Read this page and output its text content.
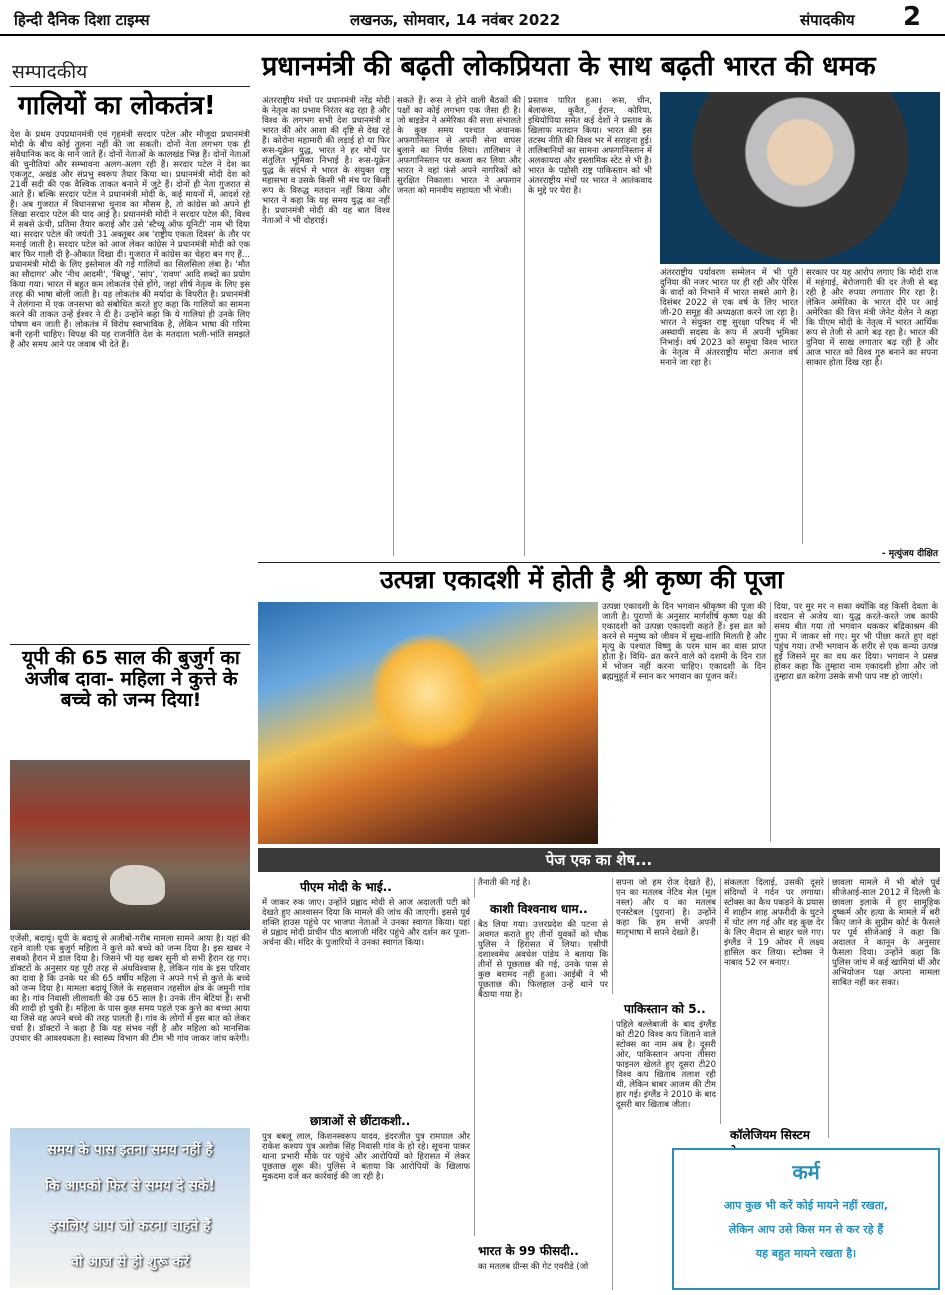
हिन्दी दैनिक दिशा टाइम्स	लखनऊ, सोमवार, 14 नवंबर 2022	संपादकीय 2
सम्पादकीय
गालियों का लोकतंत्र!
देश के प्रथम उपप्रधानमंत्री एवं गृहमंत्री सरदार पटेल और मौजूदा प्रधानमंत्री मोदी के बीच कोई तुलना नहीं की जा सकती। दोनों नेता लगभग एक ही संवैधानिक कद के माने जाते हैं। दोनों नेताओं के कालखंड भिन्न हैं। दोनों नेताओं की चुनौतियां और सम्भावना अलग-अलग रही हैं। सरदार पटेल ने देश का एकजुट, अखंड और संप्रभु स्वरूप तैयार किया था। प्रधानमंत्री मोदी देश को 21वीं सदी की एक वैश्विक ताकत बनाने में जुटे हैं। दोनों ही नेता गुजरात से आते हैं। बल्कि सरदार पटेल ने प्रधानमंत्री मोदी के, कई मायनों में, आदर्श रहे हैं। अब गुजरात में विधानसभा चुनाव का मौसम है, तो कांग्रेस को अपने ही लिखा सरदार पटेल की याद आई है। प्रधानमंत्री मोदी ने सरदार पटेल की, विश्व में सबसे ऊंची, प्रतिमा तैयार कराई और उसे 'स्टैच्यू ऑफ यूनिटी' नाम भी दिया था। सरदार पटेल की जयंती 31 अक्तूबर अब 'राष्ट्रीय एकता दिवस' के तौर पर मनाई जाती है। सरदार पटेल को आज लेकर कांग्रेस ने प्रधानमंत्री मोदी को एक बार फिर गाली दी है-औकात दिखा दी। गुजरात में कांग्रेस का चेहरा बन गए हैं... प्रधानमंत्री मोदी के लिए इस्तेमाल की गई गालियों का सिलसिला लंबा है। 'मौत का सौदागर' और 'नीच आदमी', 'बिच्छू', 'सांप', 'रावण' आदि शब्दों का प्रयोग किया गया। भारत में बहुत कम लोकतंत्र ऐसे होंगे, जहां शीर्ष नेतृत्व के लिए इस तरह की भाषा बोली जाती है। यह लोकतंत्र की मर्यादा के विपरीत है। प्रधानमंत्री ने तेलंगाना में एक जनसभा को संबोधित करते हुए कहा कि गालियों का सामना करने की ताकत उन्हें ईश्वर ने दी है। उन्होंने कहा कि ये गालियां ही उनके लिए पोषण बन जाती हैं। लोकतंत्र में विरोध स्वाभाविक है, लेकिन भाषा की गरिमा बनी रहनी चाहिए। विपक्ष की यह राजनीति देश के मतदाता भली-भांति समझते हैं और समय आने पर जवाब भी देते हैं।
यूपी की 65 साल की बुजुर्ग का अजीब दावा- महिला ने कुत्ते के बच्चे को जन्म दिया!
एजेंसी, बदायूं। यूपी के बदायूं से अजीबो-गरीब मामला सामने आया है। यहां की रहने वाली एक बुजुर्ग महिला ने कुत्ते को बच्चे को जन्म दिया है। इस खबर ने सबको हैरान में डाल दिया है। जिसने भी यह खबर सुनी वो सभी हैरान रह गए। डॉक्टरों के अनुसार यह पूरी तरह से अंधविश्वास है, लेकिन गांव के इस परिवार का दावा है कि उनके घर की 65 वर्षीय महिला ने अपने गर्भ से कुत्ते के बच्चे को जन्म दिया है। मामला बदायूं जिले के सहसवान तहसील क्षेत्र के जमुनी गांव का है। गांव निवासी लीलावती की उम्र 65 साल है। उनके तीन बेटियां हैं। सभी की शादी हो चुकी है। महिला के पास कुछ समय पहले एक कुत्ते का बच्चा आया था जिसे वह अपने बच्चे की तरह पालती हैं। गांव के लोगों में इस बात को लेकर चर्चा है। डॉक्टरों ने कहा है कि यह संभव नहीं है और महिला को मानसिक उपचार की आवश्यकता है। स्वास्थ्य विभाग की टीम भी गांव जाकर जांच करेगी।
समय के पास इतना समय नहीं है
कि आपको फिर से समय दे सके!
इसलिए आप जो करना चाहते हैं
वो आज से ही शुरू करें
प्रधानमंत्री की बढ़ती लोकप्रियता के साथ बढ़ती भारत की धमक
अंतरराष्ट्रीय मंचों पर प्रधानमंत्री नरेंद्र मोदी के नेतृत्व का प्रभाव निरंतर बढ़ रहा है और विश्व के लगभग सभी देश प्रधानमंत्री व भारत की ओर आशा की दृष्टि से देख रहे हैं। कोरोना महामारी की लड़ाई हो या फिर रूस-यूक्रेन युद्ध, भारत ने हर मोर्चे पर संतुलित भूमिका निभाई है। रूस-यूक्रेन युद्ध के संदर्भ में भारत के संयुक्त राष्ट्र महासभा व उसके किसी भी मंच पर किसी रूप के विरुद्ध मतदान नहीं किया और भारत ने कहा कि यह समय युद्ध का नहीं है। प्रधानमंत्री मोदी की यह बात विश्व नेताओं ने भी दोहराई।
सकते हैं। रूस ने होने वाली बैठकों की पक्षों का कोई लगभग एक जैसा ही है। जो बाइडेन ने अमेरिका की सत्ता संभालते के कुछ समय पश्चात अचानक अफगानिस्तान से अपनी सेना वापस बुलाने का निर्णय लिया। तालिबान ने अफगानिस्तान पर कब्जा कर लिया और भारत ने वहां फंसे अपने नागरिकों को सुरक्षित निकाला। भारत ने अफगान जनता को मानवीय सहायता भी भेजी।
प्रस्ताव पारित हुआ। रूस, चीन, बेलारूस, कुवैत, ईरान, कोरिया, इथियोपिया समेत कई देशों ने प्रस्ताव के खिलाफ मतदान किया। भारत की इस तटस्थ नीति की विश्व भर में सराहना हुई। तालिबानियों का सामना अफगानिस्तान में अलकायदा और इस्लामिक स्टेट से भी है। भारत के पड़ोसी राष्ट्र पाकिस्तान को भी अंतरराष्ट्रीय मंचों पर भारत ने आतंकवाद के मुद्दे पर घेरा है।
अंतरराष्ट्रीय पर्यावरण सम्मेलन में भी पूरी दुनिया की नजर भारत पर ही रही और पेरिस के वादों को निभाने में भारत सबसे आगे है। दिसंबर 2022 से एक वर्ष के लिए भारत जी-20 समूह की अध्यक्षता करने जा रहा है। भारत ने संयुक्त राष्ट्र सुरक्षा परिषद में भी अस्थायी सदस्य के रूप में अपनी भूमिका निभाई। वर्ष 2023 को समूचा विश्व भारत के नेतृत्व में अंतरराष्ट्रीय मोटा अनाज वर्ष मनाने जा रहा है।
सरकार पर यह आरोप लगाए कि मोदी राज में महंगाई, बेरोजगारी की दर तेजी से बढ़ रही है और रुपया लगातार गिर रहा है। लेकिन अमेरिका के भारत दौरे पर आई अमेरिका की वित्त मंत्री जेनेट येलेन ने कहा कि पीएम मोदी के नेतृत्व में भारत आर्थिक रूप से तेजी से आगे बढ़ रहा है। भारत की दुनिया में साख लगातार बढ़ रही है और आज भारत को विश्व गुरु बनाने का सपना साकार होता दिख रहा है।
- मृत्युंजय दीक्षित
उत्पन्ना एकादशी में होती है श्री कृष्ण की पूजा
उत्पन्ना एकादशी के दिन भगवान श्रीकृष्ण की पूजा की जाती है। पुराणों के अनुसार मार्गशीर्ष कृष्ण पक्ष की एकादशी को उत्पन्ना एकादशी कहते हैं। इस व्रत को करने से मनुष्य को जीवन में सुख-शांति मिलती है और मृत्यु के पश्चात विष्णु के परम धाम का वास प्राप्त होता है। विधि- व्रत करने वाले को दशमी के दिन रात में भोजन नहीं करना चाहिए। एकादशी के दिन ब्रह्ममुहूर्त में स्नान कर भगवान का पूजन करें।
दिया, पर मुर मर न सका क्योंकि वह किसी देवता के वरदान से अजेय था। युद्ध करते-करते जब काफी समय बीत गया तो भगवान थककर बद्रिकाश्रम की गुफा में जाकर सो गए। मुर भी पीछा करते हुए वहां पहुंच गया। तभी भगवान के शरीर से एक कन्या उत्पन्न हुई जिसने मुर का वध कर दिया। भगवान ने प्रसन्न होकर कहा कि तुम्हारा नाम एकादशी होगा और जो तुम्हारा व्रत करेगा उसके सभी पाप नष्ट हो जाएंगे।
पेज एक का शेष...
पीएम मोदी के भाई..
में जाकर रुक जाए। उन्होंने प्रह्लाद मोदी से आज अदालती पटी को देखते हुए आश्वासन दिया कि मामले की जांच की जाएगी। इससे पूर्व शक्ति हाउस पहुंचे पर भाजपा नेताओं ने उनका स्वागत किया। यहां से प्रह्लाद मोदी प्राचीन पीठ बालाजी मंदिर पहुंचे और दर्शन कर पूजा-अर्चना की। मंदिर के पुजारियों ने उनका स्वागत किया।
छात्राओं से छींटाकशी..
पुत्र बबलू लाल, किशनस्वरूप यादव, इंदरजीत पुत्र रामपाल और राकेश कश्यप पुत्र अशोक सिंह निवासी गांव के हो रहे। सूचना पाकर थाना प्रभारी मौके पर पहुंचे और आरोपियों को हिरासत में लेकर पूछताछ शुरू की। पुलिस ने बताया कि आरोपियों के खिलाफ मुकदमा दर्ज कर कार्रवाई की जा रही है।
तैनाती की गई है।
काशी विश्वनाथ धाम..
बैठ लिया गया। उत्तरप्रदेश की पटना से अवगत कराते हुए तीनों युवकों को चौक पुलिस ने हिरासत में लिया। एसीपी दशाश्वमेध अवधेश पांडेय ने बताया कि तीनों से पूछताछ की गई, उनके पास से कुछ बरामद नहीं हुआ। आईबी ने भी पूछताछ की। फिलहाल उन्हें थाने पर बैठाया गया है।
भारत के 99 फीसदी..
का मतलब ग्रीन्स की गेट एवरीडे (जो
सपना जो हम रोज देखते हैं), एन का मतलब नेटिव मेल (मूल नस्ल) और य का मतलब एनस्टेबल (पुराना) है। उन्होंने कहा कि हम सभी अपनी मातृभाषा में सपने देखते हैं।
पाकिस्तान को 5..
पहिले बल्लेबाजी के बाद इंग्लैंड को टी20 विश्व कप जिताने वाले स्टोक्स का नाम अब है। दूसरी ओर, पाकिस्तान अपना तीसरा फाइनल खेलते हुए दूसरा टी20 विश्व कप खिताब तलाश रही थी, लेकिन बाबर आजम की टीम हार गई। इंग्लैंड ने 2010 के बाद दूसरी बार खिताब जीता।
संकलता दिलाई, उसकी दूसरे संदिग्धों ने गर्दन पर लगाया। स्टोक्स का कैच पकड़ने के प्रयास में शाहीन शाह अफरीदी के घुटने में चोट लग गई और वह कुछ देर के लिए मैदान से बाहर चले गए। इंग्लैंड ने 19 ओवर में लक्ष्य हासिल कर लिया। स्टोक्स ने नाबाद 52 रन बनाए।
कॉलेजियम सिस्टम
छावला मामले में भी बोले पूर्व सीजेआई-साल 2012 में दिल्ली के छावला इलाके में हुए सामूहिक दुष्कर्म और हत्या के मामले में बरी किए जाने के सुप्रीम कोर्ट के फैसले पर पूर्व सीजेआई ने कहा कि अदालत ने कानून के अनुसार फैसला दिया। उन्होंने कहा कि पुलिस जांच में कई खामियां थीं और अभियोजन पक्ष अपना मामला साबित नहीं कर सका।
कर्म
आप कुछ भी करें कोई मायने नहीं रखता,
लेकिन आप उसे किस मन से कर रहे हैं
यह बहुत मायने रखता है।
